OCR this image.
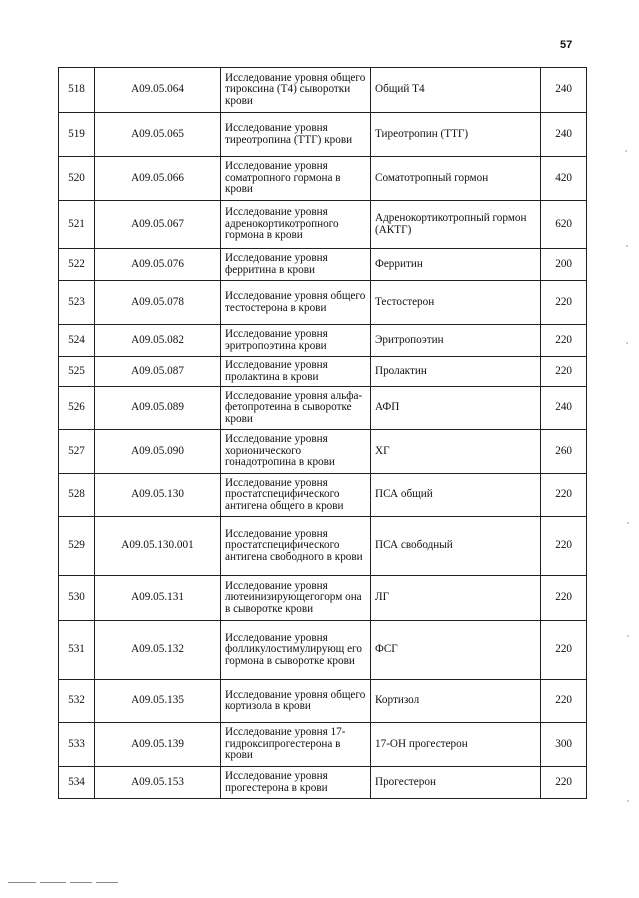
57
518	A09.05.064	Исследование уровня общего тироксина (Т4) сыворотки крови	Общий Т4	240
519	A09.05.065	Исследование уровня тиреотропина (ТТГ) крови	Тиреотропин (ТТГ)	240
520	A09.05.066	Исследование уровня соматропного гормона в крови	Соматотропный гормон	420
521	A09.05.067	Исследование уровня адренокортикотропного гормона в крови	Адренокортикотропный гормон (АКТГ)	620
522	A09.05.076	Исследование уровня ферритина в крови	Ферритин	200
523	A09.05.078	Исследование уровня общего тестостерона в крови	Тестостерон	220
524	A09.05.082	Исследование уровня эритропоэтина крови	Эритропоэтин	220
525	A09.05.087	Исследование уровня пролактина в крови	Пролактин	220
526	A09.05.089	Исследование уровня альфа-фетопротеина в сыворотке крови	АФП	240
527	A09.05.090	Исследование уровня хорионического гонадотропина в крови	ХГ	260
528	A09.05.130	Исследование уровня простатспецифического антигена общего в крови	ПСА общий	220
529	A09.05.130.001	Исследование уровня простатспецифического антигена свободного в крови	ПСА свободный	220
530	A09.05.131	Исследование уровня лютеинизирующегогорм она в сыворотке крови	ЛГ	220
531	A09.05.132	Исследование уровня фолликулостимулирующ его гормона в сыворотке крови	ФСГ	220
532	A09.05.135	Исследование уровня общего кортизола в крови	Кортизол	220
533	A09.05.139	Исследование уровня 17-гидроксипрогестерона в крови	17-ОН прогестерон	300
534	A09.05.153	Исследование уровня прогестерона в крови	Прогестерон	220
